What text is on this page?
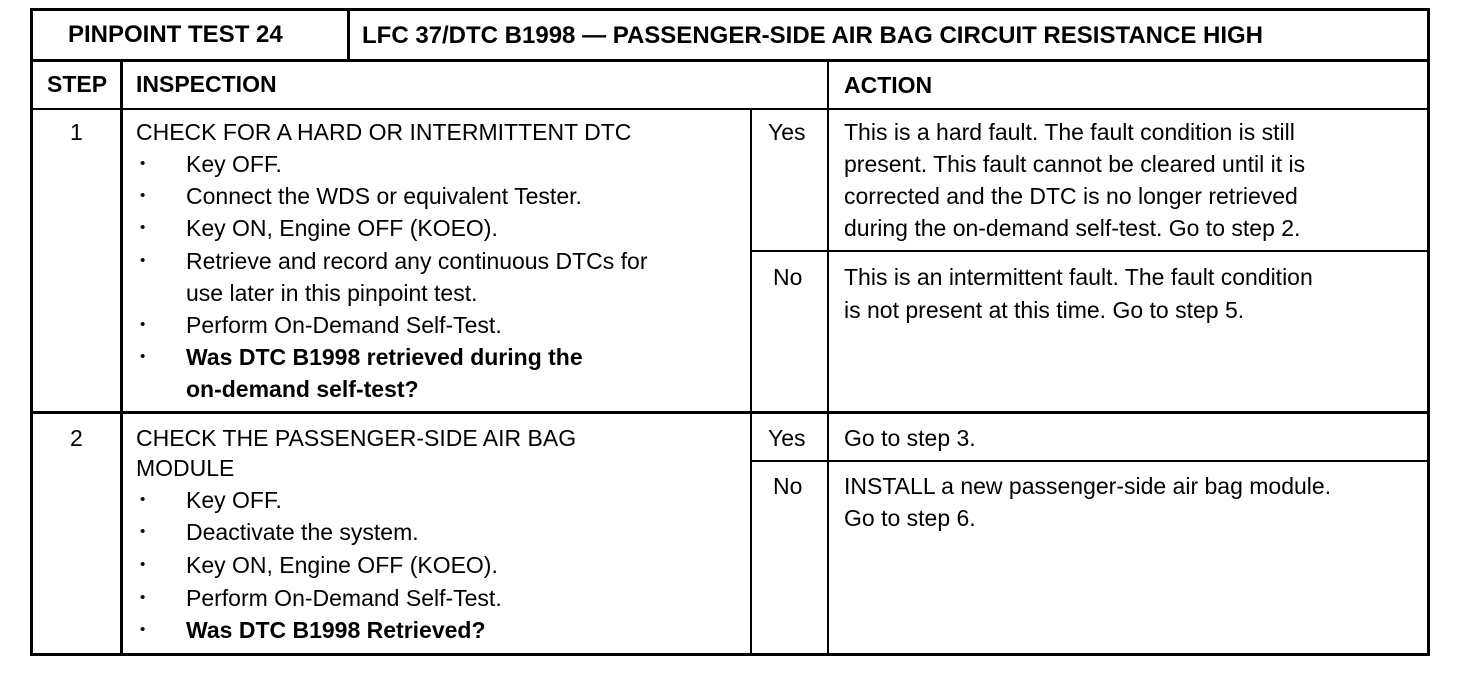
PINPOINT TEST 24	LFC 37/DTC B1998 — PASSENGER-SIDE AIR BAG CIRCUIT RESISTANCE HIGH
STEP INSPECTION	ACTION
1 CHECK FOR A HARD OR INTERMITTENT DTC
• Key OFF.
• Connect the WDS or equivalent Tester.
• Key ON, Engine OFF (KOEO).
• Retrieve and record any continuous DTCs for
use later in this pinpoint test.
• Perform On-Demand Self-Test.
• Was DTC B1998 retrieved during the
on-demand self-test?
Yes This is a hard fault. The fault condition is still
present. This fault cannot be cleared until it is
corrected and the DTC is no longer retrieved
during the on-demand self-test. Go to step 2.
No This is an intermittent fault. The fault condition
is not present at this time. Go to step 5.
2 CHECK THE PASSENGER-SIDE AIR BAG
MODULE
• Key OFF.
• Deactivate the system.
• Key ON, Engine OFF (KOEO).
• Perform On-Demand Self-Test.
• Was DTC B1998 Retrieved?
Yes Go to step 3.
No INSTALL a new passenger-side air bag module.
Go to step 6.
